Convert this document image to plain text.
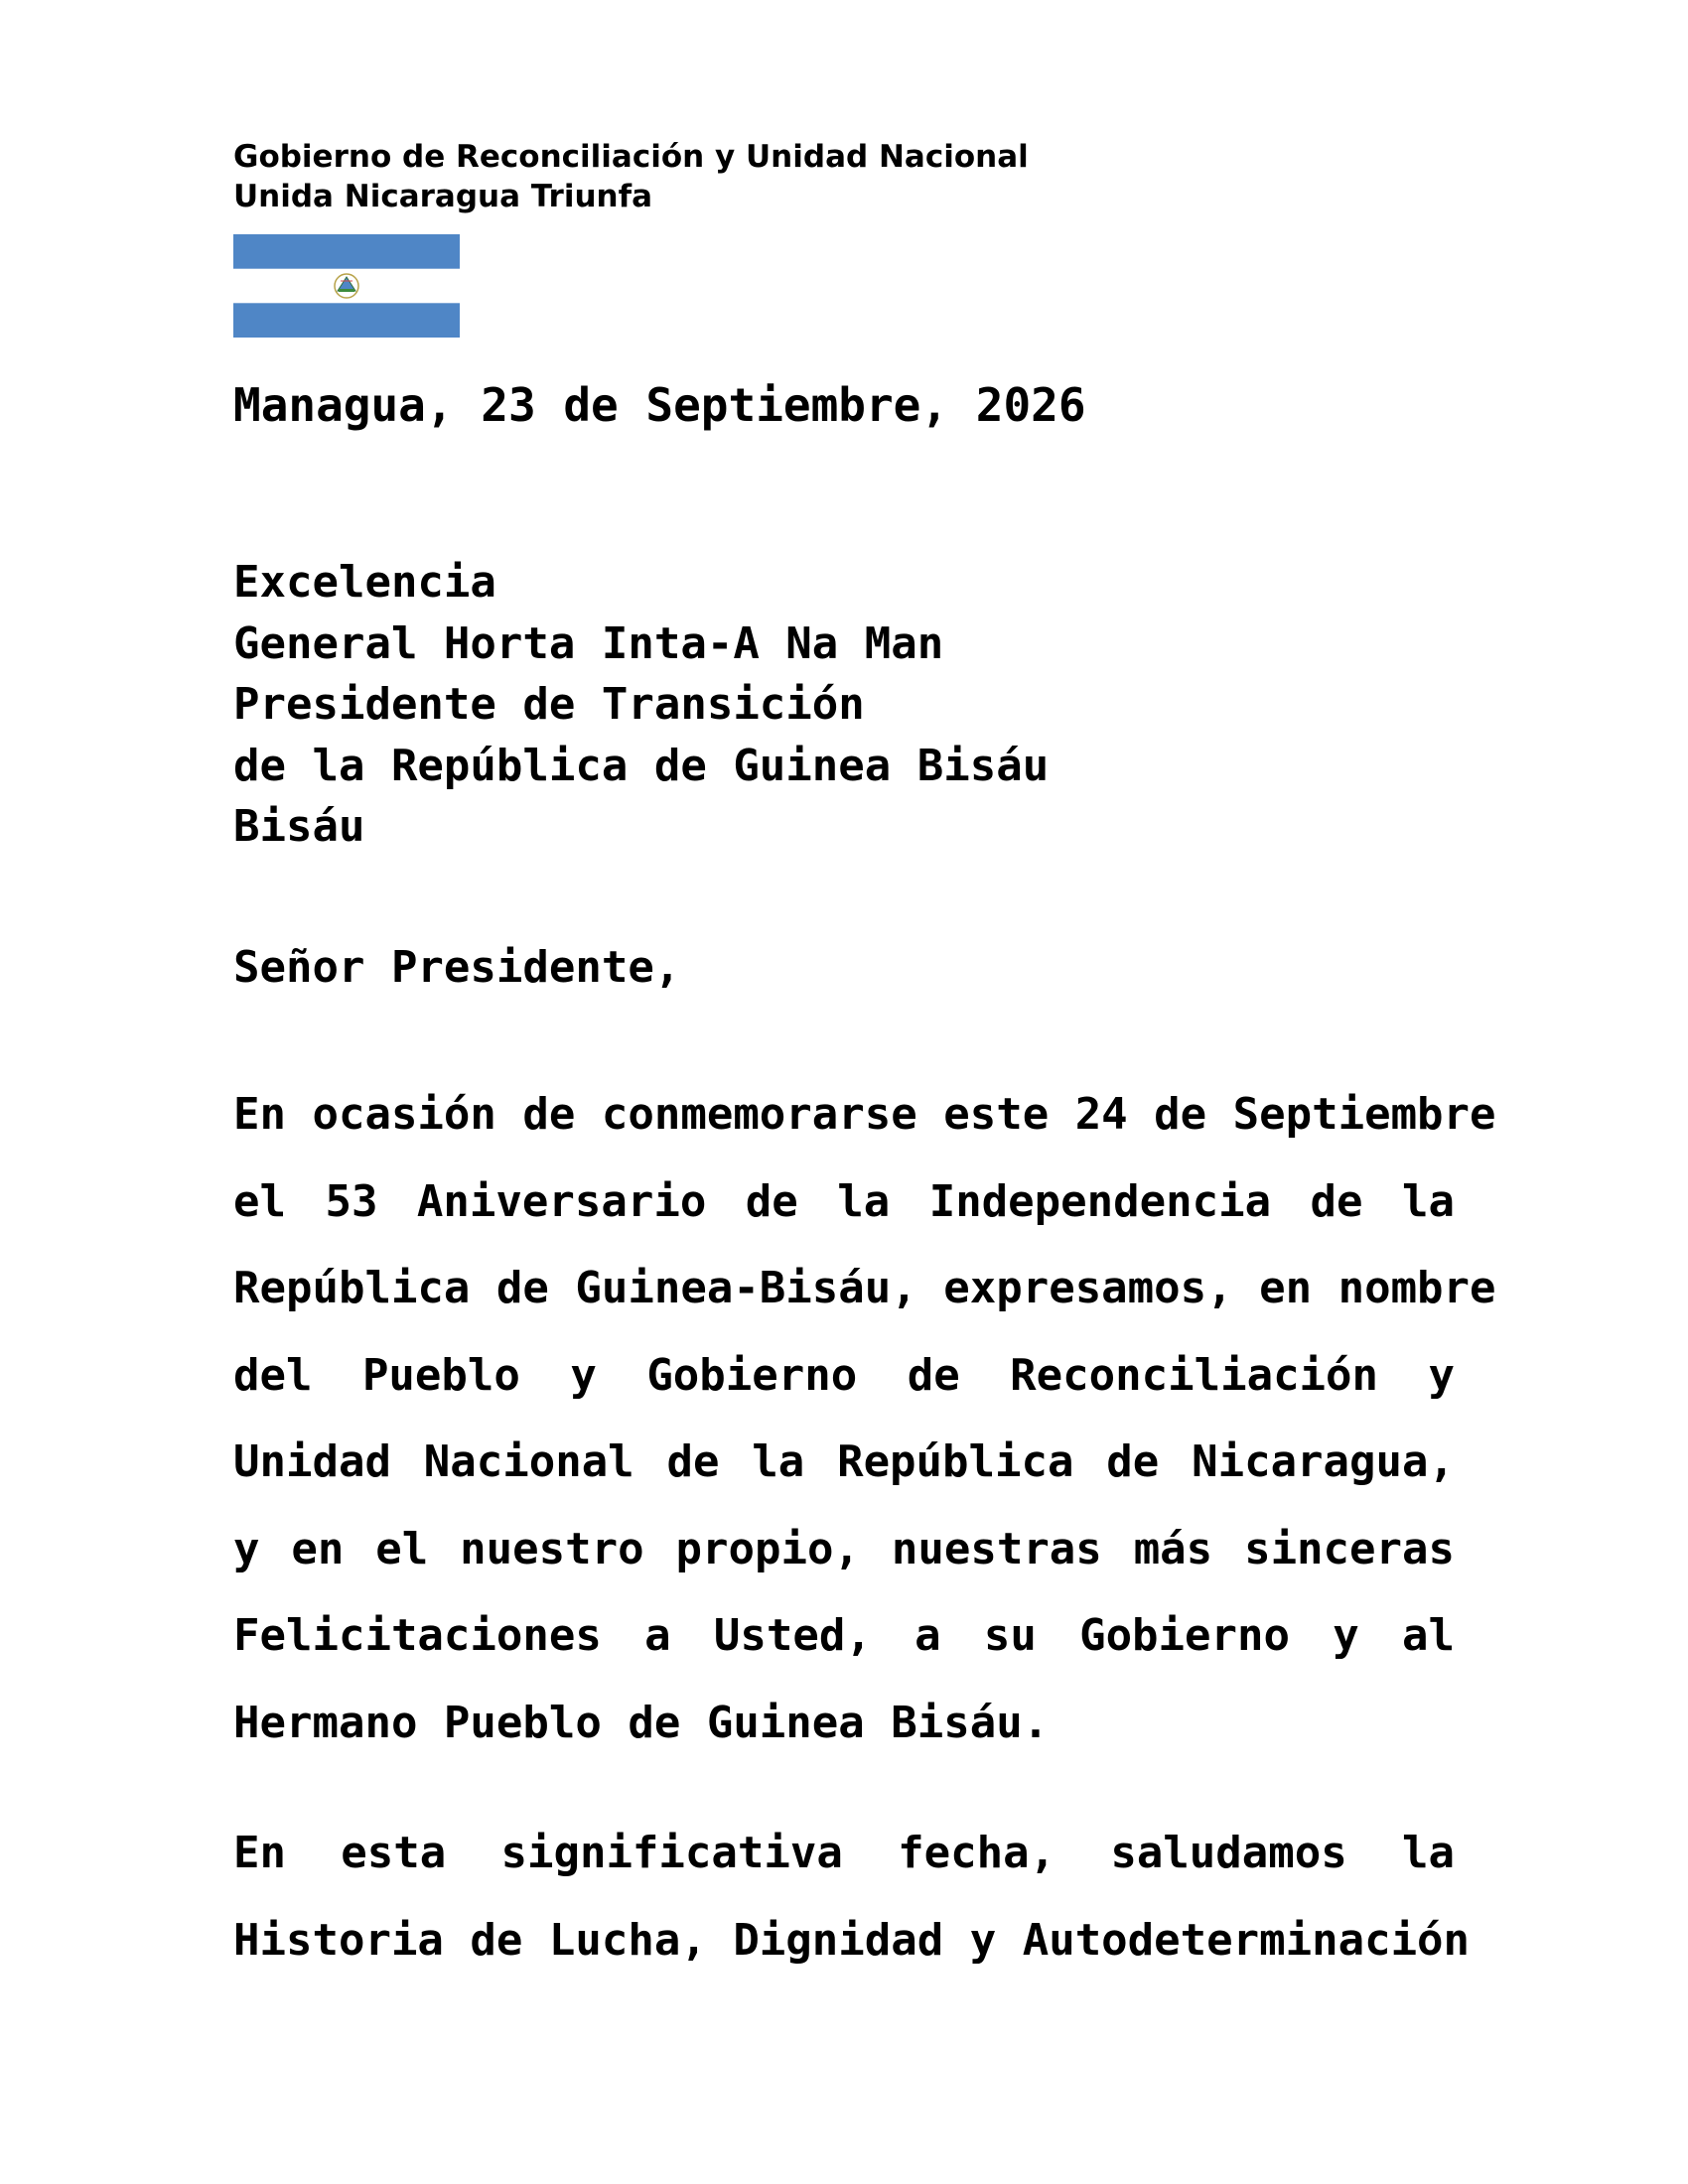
Gobierno de Reconciliación y Unidad Nacional
Unida Nicaragua Triunfa
Managua, 23 de Septiembre, 2026
Excelencia
General Horta Inta-A Na Man
Presidente de Transición
de la República de Guinea Bisáu
Bisáu
Señor Presidente,
En ocasión de conmemorarse este 24 de Septiembre
el 53 Aniversario de la Independencia de la
República de Guinea-Bisáu, expresamos, en nombre
del Pueblo y Gobierno de Reconciliación y
Unidad Nacional de la República de Nicaragua,
y en el nuestro propio, nuestras más sinceras
Felicitaciones a Usted, a su Gobierno y al
Hermano Pueblo de Guinea Bisáu.
En esta significativa fecha, saludamos la
Historia de Lucha, Dignidad y Autodeterminación
